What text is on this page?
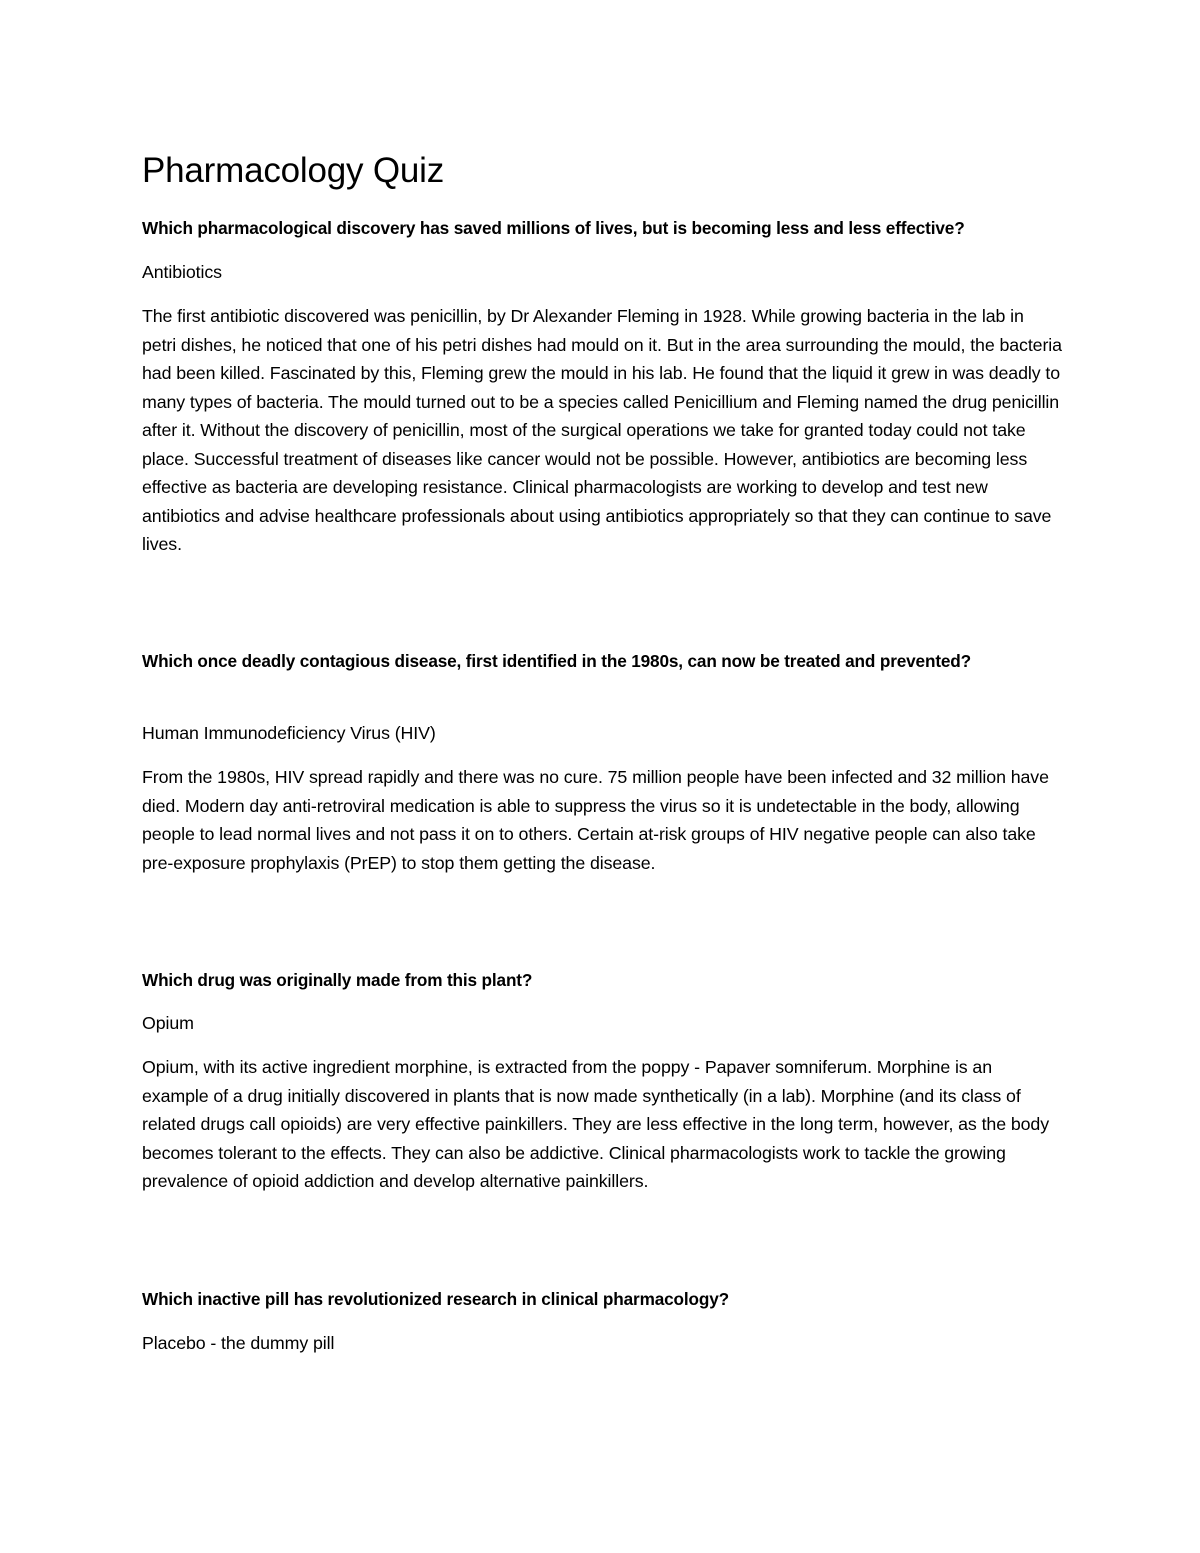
Pharmacology Quiz

Which pharmacological discovery has saved millions of lives, but is becoming less and less effective?

Antibiotics

The first antibiotic discovered was penicillin, by Dr Alexander Fleming in 1928. While growing bacteria in the lab in petri dishes, he noticed that one of his petri dishes had mould on it. But in the area surrounding the mould, the bacteria had been killed. Fascinated by this, Fleming grew the mould in his lab. He found that the liquid it grew in was deadly to many types of bacteria. The mould turned out to be a species called Penicillium and Fleming named the drug penicillin after it. Without the discovery of penicillin, most of the surgical operations we take for granted today could not take place. Successful treatment of diseases like cancer would not be possible. However, antibiotics are becoming less effective as bacteria are developing resistance. Clinical pharmacologists are working to develop and test new antibiotics and advise healthcare professionals about using antibiotics appropriately so that they can continue to save lives.

Which once deadly contagious disease, first identified in the 1980s, can now be treated and prevented?

Human Immunodeficiency Virus (HIV)

From the 1980s, HIV spread rapidly and there was no cure. 75 million people have been infected and 32 million have died. Modern day anti-retroviral medication is able to suppress the virus so it is undetectable in the body, allowing people to lead normal lives and not pass it on to others. Certain at-risk groups of HIV negative people can also take pre-exposure prophylaxis (PrEP) to stop them getting the disease.

Which drug was originally made from this plant?

Opium

Opium, with its active ingredient morphine, is extracted from the poppy - Papaver somniferum. Morphine is an example of a drug initially discovered in plants that is now made synthetically (in a lab). Morphine (and its class of related drugs call opioids) are very effective painkillers. They are less effective in the long term, however, as the body becomes tolerant to the effects. They can also be addictive. Clinical pharmacologists work to tackle the growing prevalence of opioid addiction and develop alternative painkillers.

Which inactive pill has revolutionized research in clinical pharmacology?

Placebo - the dummy pill
